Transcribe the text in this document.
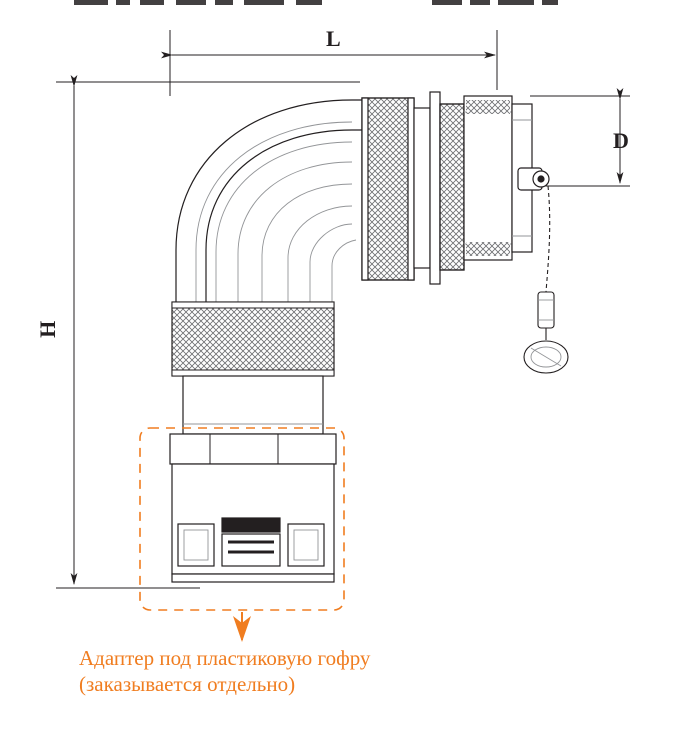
L
D
H
Адаптер под пластиковую гофру
(заказывается отдельно)
